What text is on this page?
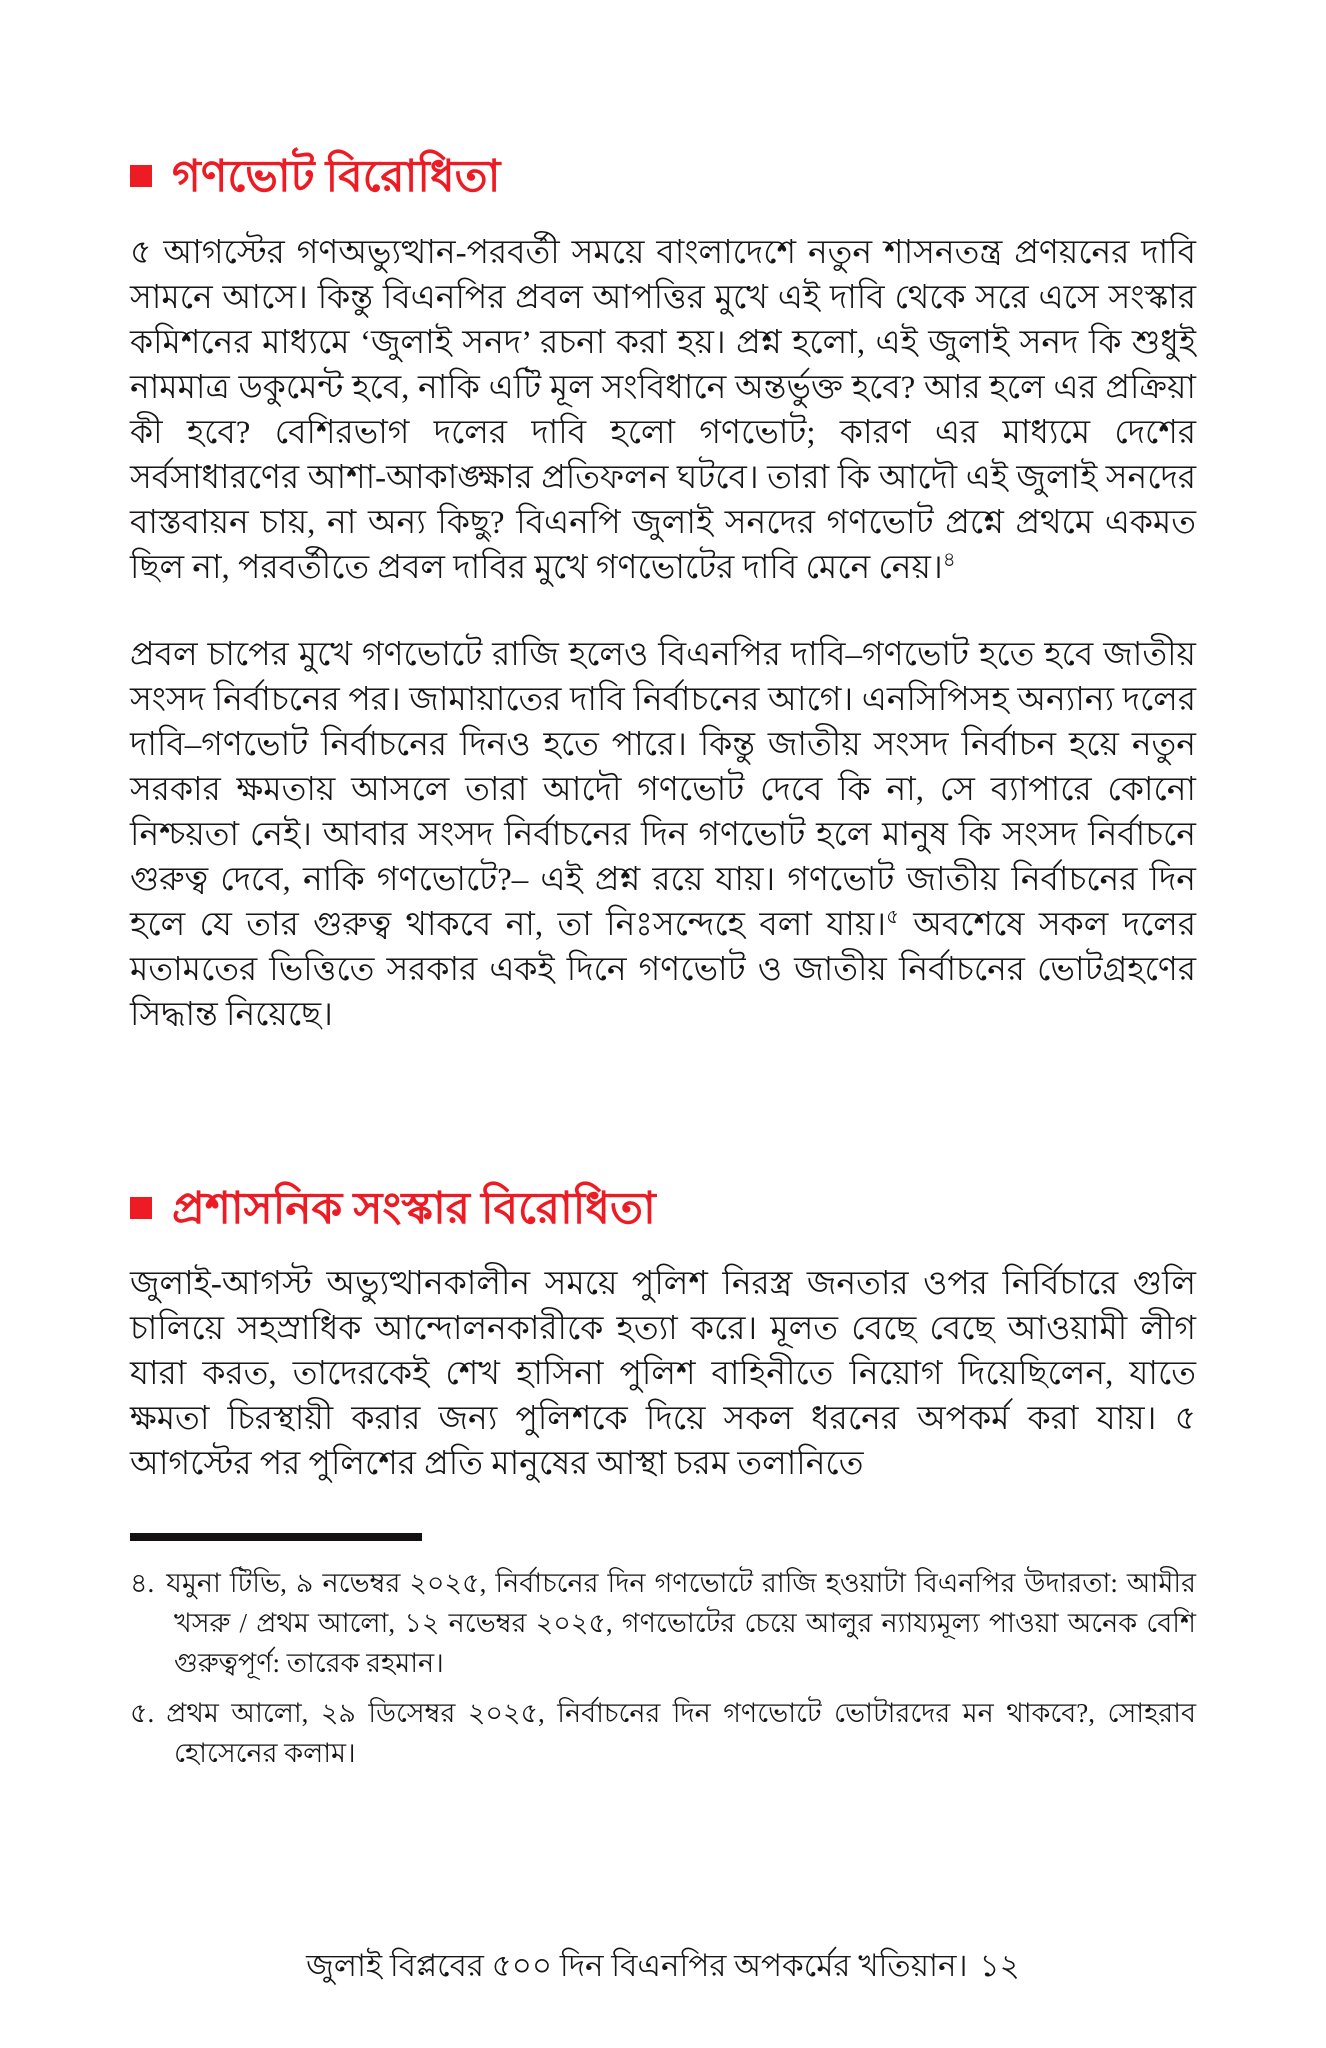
গণভোট বিরোধিতা

৫ আগস্টের গণঅভ্যুত্থান-পরবর্তী সময়ে বাংলাদেশে নতুন শাসনতন্ত্র প্রণয়নের দাবি সামনে আসে। কিন্তু বিএনপির প্রবল আপত্তির মুখে এই দাবি থেকে সরে এসে সংস্কার কমিশনের মাধ্যমে ‘জুলাই সনদ’ রচনা করা হয়। প্রশ্ন হলো, এই জুলাই সনদ কি শুধুই নামমাত্র ডকুমেন্ট হবে, নাকি এটি মূল সংবিধানে অন্তর্ভুক্ত হবে? আর হলে এর প্রক্রিয়া কী হবে? বেশিরভাগ দলের দাবি হলো গণভোট; কারণ এর মাধ্যমে দেশের সর্বসাধারণের আশা-আকাঙ্ক্ষার প্রতিফলন ঘটবে। তারা কি আদৌ এই জুলাই সনদের বাস্তবায়ন চায়, না অন্য কিছু? বিএনপি জুলাই সনদের গণভোট প্রশ্নে প্রথমে একমত ছিল না, পরবর্তীতে প্রবল দাবির মুখে গণভোটের দাবি মেনে নেয়।$^৪$

প্রবল চাপের মুখে গণভোটে রাজি হলেও বিএনপির দাবি–গণভোট হতে হবে জাতীয় সংসদ নির্বাচনের পর। জামায়াতের দাবি নির্বাচনের আগে। এনসিপিসহ অন্যান্য দলের দাবি–গণভোট নির্বাচনের দিনও হতে পারে। কিন্তু জাতীয় সংসদ নির্বাচন হয়ে নতুন সরকার ক্ষমতায় আসলে তারা আদৌ গণভোট দেবে কি না, সে ব্যাপারে কোনো নিশ্চয়তা নেই। আবার সংসদ নির্বাচনের দিন গণভোট হলে মানুষ কি সংসদ নির্বাচনে গুরুত্ব দেবে, নাকি গণভোটে?– এই প্রশ্ন রয়ে যায়। গণভোট জাতীয় নির্বাচনের দিন হলে যে তার গুরুত্ব থাকবে না, তা নিঃসন্দেহে বলা যায়।$^৫$ অবশেষে সকল দলের মতামতের ভিত্তিতে সরকার একই দিনে গণভোট ও জাতীয় নির্বাচনের ভোটগ্রহণের সিদ্ধান্ত নিয়েছে।

প্রশাসনিক সংস্কার বিরোধিতা

জুলাই-আগস্ট অভ্যুত্থানকালীন সময়ে পুলিশ নিরস্ত্র জনতার ওপর নির্বিচারে গুলি চালিয়ে সহস্রাধিক আন্দোলনকারীকে হত্যা করে। মূলত বেছে বেছে আওয়ামী লীগ যারা করত, তাদেরকেই শেখ হাসিনা পুলিশ বাহিনীতে নিয়োগ দিয়েছিলেন, যাতে ক্ষমতা চিরস্থায়ী করার জন্য পুলিশকে দিয়ে সকল ধরনের অপকর্ম করা যায়। ৫ আগস্টের পর পুলিশের প্রতি মানুষের আস্থা চরম তলানিতে

৪. যমুনা টিভি, ৯ নভেম্বর ২০২৫, নির্বাচনের দিন গণভোটে রাজি হওয়াটা বিএনপির উদারতা: আমীর খসরু / প্রথম আলো, ১২ নভেম্বর ২০২৫, গণভোটের চেয়ে আলুর ন্যায্যমূল্য পাওয়া অনেক বেশি গুরুত্বপূর্ণ: তারেক রহমান।

৫. প্রথম আলো, ২৯ ডিসেম্বর ২০২৫, নির্বাচনের দিন গণভোটে ভোটারদের মন থাকবে?, সোহরাব হোসেনের কলাম।

জুলাই বিপ্লবের ৫০০ দিন বিএনপির অপকর্মের খতিয়ান। ১২
